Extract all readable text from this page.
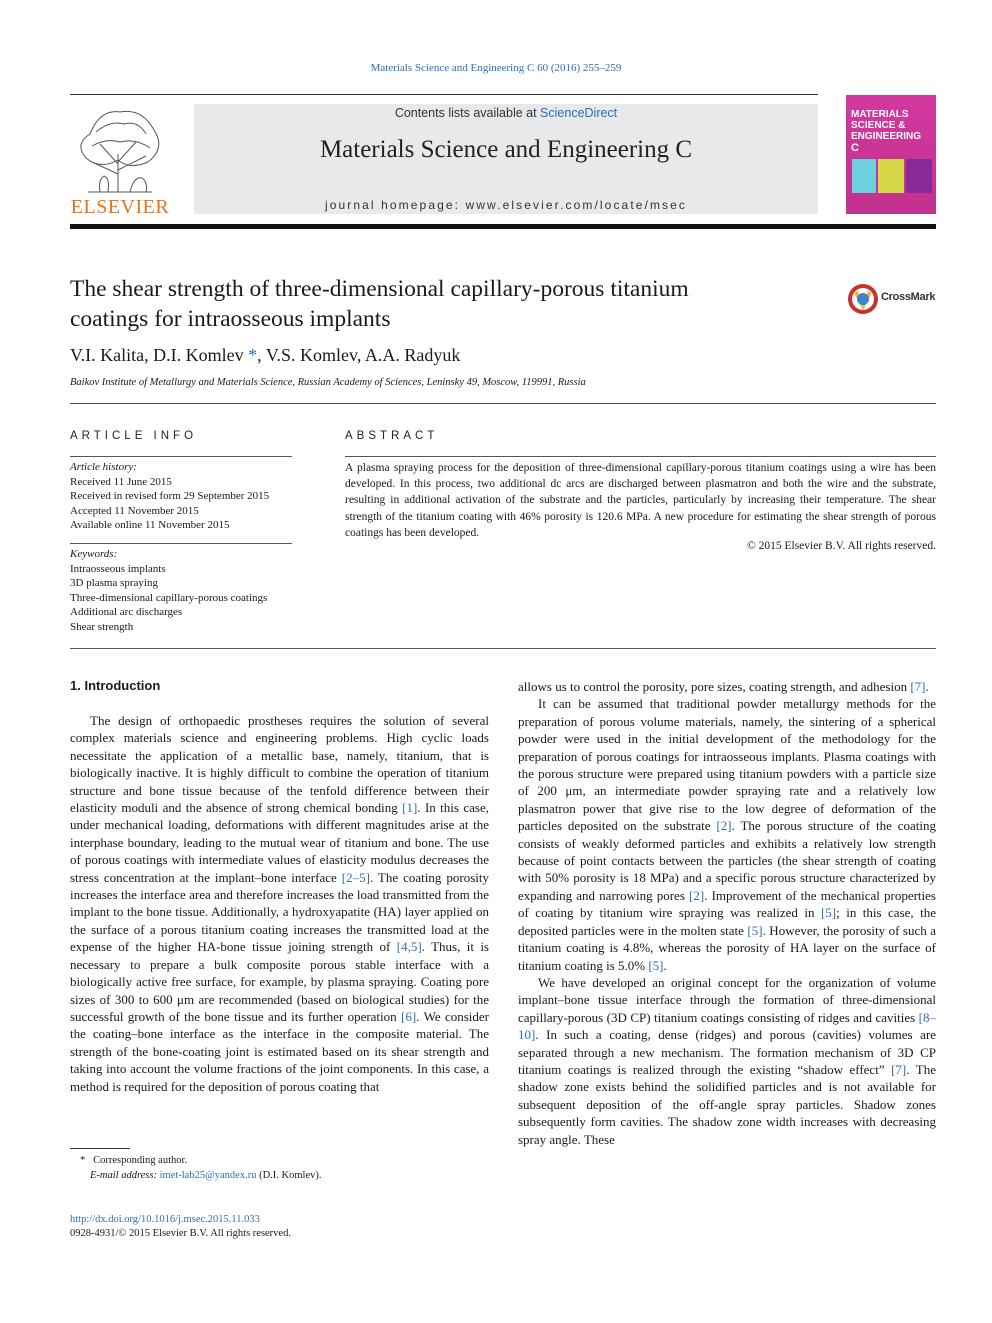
Materials Science and Engineering C 60 (2016) 255–259
ELSEVIER
Contents lists available at ScienceDirect
Materials Science and Engineering C
journal homepage: www.elsevier.com/locate/msec
MATERIALS
SCIENCE &
ENGINEERING
C
The shear strength of three-dimensional capillary-porous titanium
coatings for intraosseous implants
CrossMark
V.I. Kalita, D.I. Komlev *, V.S. Komlev, A.A. Radyuk
Baikov Institute of Metallurgy and Materials Science, Russian Academy of Sciences, Leninsky 49, Moscow, 119991, Russia
ARTICLE INFO	ABSTRACT
Article history:
Received 11 June 2015
Received in revised form 29 September 2015
Accepted 11 November 2015
Available online 11 November 2015
Keywords:
Intraosseous implants
3D plasma spraying
Three-dimensional capillary-porous coatings
Additional arc discharges
Shear strength
A plasma spraying process for the deposition of three-dimensional capillary-porous titanium coatings using a wire has been developed. In this process, two additional dc arcs are discharged between plasmatron and both the wire and the substrate, resulting in additional activation of the substrate and the particles, particularly by increasing their temperature. The shear strength of the titanium coating with 46% porosity is 120.6 MPa. A new procedure for estimating the shear strength of porous coatings has been developed.
© 2015 Elsevier B.V. All rights reserved.
1. Introduction

The design of orthopaedic prostheses requires the solution of several complex materials science and engineering problems. High cyclic loads necessitate the application of a metallic base, namely, titanium, that is biologically inactive. It is highly difficult to combine the operation of titanium structure and bone tissue because of the tenfold difference between their elasticity moduli and the absence of strong chemical bonding [1]. In this case, under mechanical loading, deformations with different magnitudes arise at the interphase boundary, leading to the mutual wear of titanium and bone. The use of porous coatings with intermediate values of elasticity modulus decreases the stress concentration at the implant–bone interface [2–5]. The coating porosity increases the interface area and therefore increases the load transmitted from the implant to the bone tissue. Additionally, a hydroxyapatite (HA) layer applied on the surface of a porous titanium coating increases the transmitted load at the expense of the higher HA-bone tissue joining strength of [4,5]. Thus, it is necessary to prepare a bulk composite porous stable interface with a biologically active free surface, for example, by plasma spraying. Coating pore sizes of 300 to 600 μm are recommended (based on biological studies) for the successful growth of the bone tissue and its further operation [6]. We consider the coating–bone interface as the interface in the composite material. The strength of the bone-coating joint is estimated based on its shear strength and taking into account the volume fractions of the joint components. In this case, a method is required for the deposition of porous coating that

allows us to control the porosity, pore sizes, coating strength, and adhesion [7].

It can be assumed that traditional powder metallurgy methods for the preparation of porous volume materials, namely, the sintering of a spherical powder were used in the initial development of the methodology for the preparation of porous coatings for intraosseous implants. Plasma coatings with the porous structure were prepared using titanium powders with a particle size of 200 μm, an intermediate powder spraying rate and a relatively low plasmatron power that give rise to the low degree of deformation of the particles deposited on the substrate [2]. The porous structure of the coating consists of weakly deformed particles and exhibits a relatively low strength because of point contacts between the particles (the shear strength of coating with 50% porosity is 18 MPa) and a specific porous structure characterized by expanding and narrowing pores [2]. Improvement of the mechanical properties of coating by titanium wire spraying was realized in [5]; in this case, the deposited particles were in the molten state [5]. However, the porosity of such a titanium coating is 4.8%, whereas the porosity of HA layer on the surface of titanium coating is 5.0% [5].

We have developed an original concept for the organization of volume implant–bone tissue interface through the formation of three-dimensional capillary-porous (3D CP) titanium coatings consisting of ridges and cavities [8–10]. In such a coating, dense (ridges) and porous (cavities) volumes are separated through a new mechanism. The formation mechanism of 3D CP titanium coatings is realized through the existing “shadow effect” [7]. The shadow zone exists behind the solidified particles and is not available for subsequent deposition of the off-angle spray particles. Shadow zones subsequently form cavities. The shadow zone width increases with decreasing spray angle. These

* Corresponding author.
E-mail address: imet-lab25@yandex.ru (D.I. Komlev).
http://dx.doi.org/10.1016/j.msec.2015.11.033
0928-4931/© 2015 Elsevier B.V. All rights reserved.
